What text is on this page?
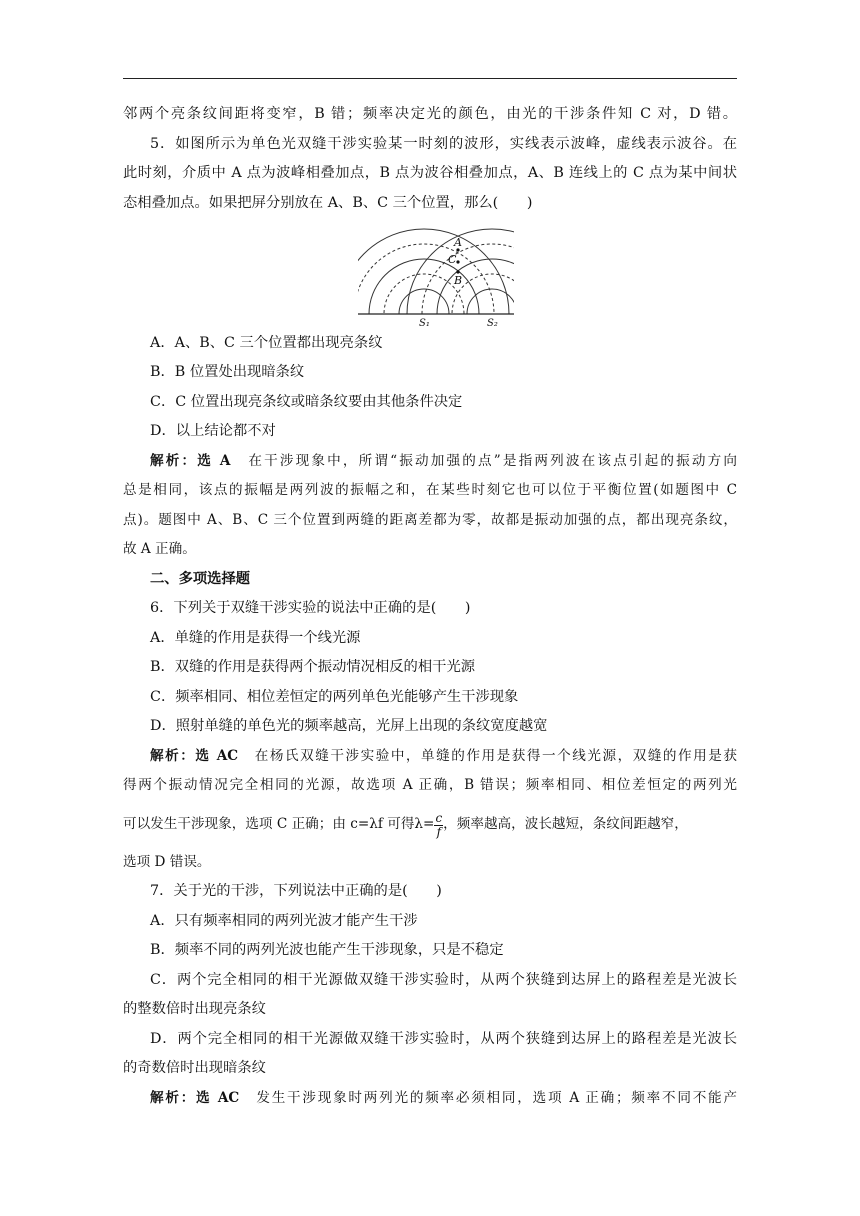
邻两个亮条纹间距将变窄，B 错；频率决定光的颜色，由光的干涉条件知 C 对，D 错。
5．如图所示为单色光双缝干涉实验某一时刻的波形，实线表示波峰，虚线表示波谷。在
此时刻，介质中 A 点为波峰相叠加点，B 点为波谷相叠加点，A、B 连线上的 C 点为某中间状
态相叠加点。如果把屏分别放在 A、B、C 三个位置，那么(　　)
A
C
B
S₁	S₂
A．A、B、C 三个位置都出现亮条纹
B．B 位置处出现暗条纹
C．C 位置出现亮条纹或暗条纹要由其他条件决定
D．以上结论都不对
解析：选 A　在干涉现象中，所谓“振动加强的点”是指两列波在该点引起的振动方向
总是相同，该点的振幅是两列波的振幅之和，在某些时刻它也可以位于平衡位置(如题图中 C
点)。题图中 A、B、C 三个位置到两缝的距离差都为零，故都是振动加强的点，都出现亮条纹，
故 A 正确。
二、多项选择题
6．下列关于双缝干涉实验的说法中正确的是(　　)
A．单缝的作用是获得一个线光源
B．双缝的作用是获得两个振动情况相反的相干光源
C．频率相同、相位差恒定的两列单色光能够产生干涉现象
D．照射单缝的单色光的频率越高，光屏上出现的条纹宽度越宽
解析：选 AC　在杨氏双缝干涉实验中，单缝的作用是获得一个线光源，双缝的作用是获
得两个振动情况完全相同的光源，故选项 A 正确，B 错误；频率相同、相位差恒定的两列光
可以发生干涉现象，选项 C 正确；由 c=λf 可得$\lambda= \frac{c}{f}$ ，频率越高，波长越短，条纹间距越窄，
选项 D 错误。
7．关于光的干涉，下列说法中正确的是(　　)
A．只有频率相同的两列光波才能产生干涉
B．频率不同的两列光波也能产生干涉现象，只是不稳定
C．两个完全相同的相干光源做双缝干涉实验时，从两个狭缝到达屏上的路程差是光波长
的整数倍时出现亮条纹
D．两个完全相同的相干光源做双缝干涉实验时，从两个狭缝到达屏上的路程差是光波长
的奇数倍时出现暗条纹
解析：选 AC　发生干涉现象时两列光的频率必须相同，选项 A 正确；频率不同不能产
